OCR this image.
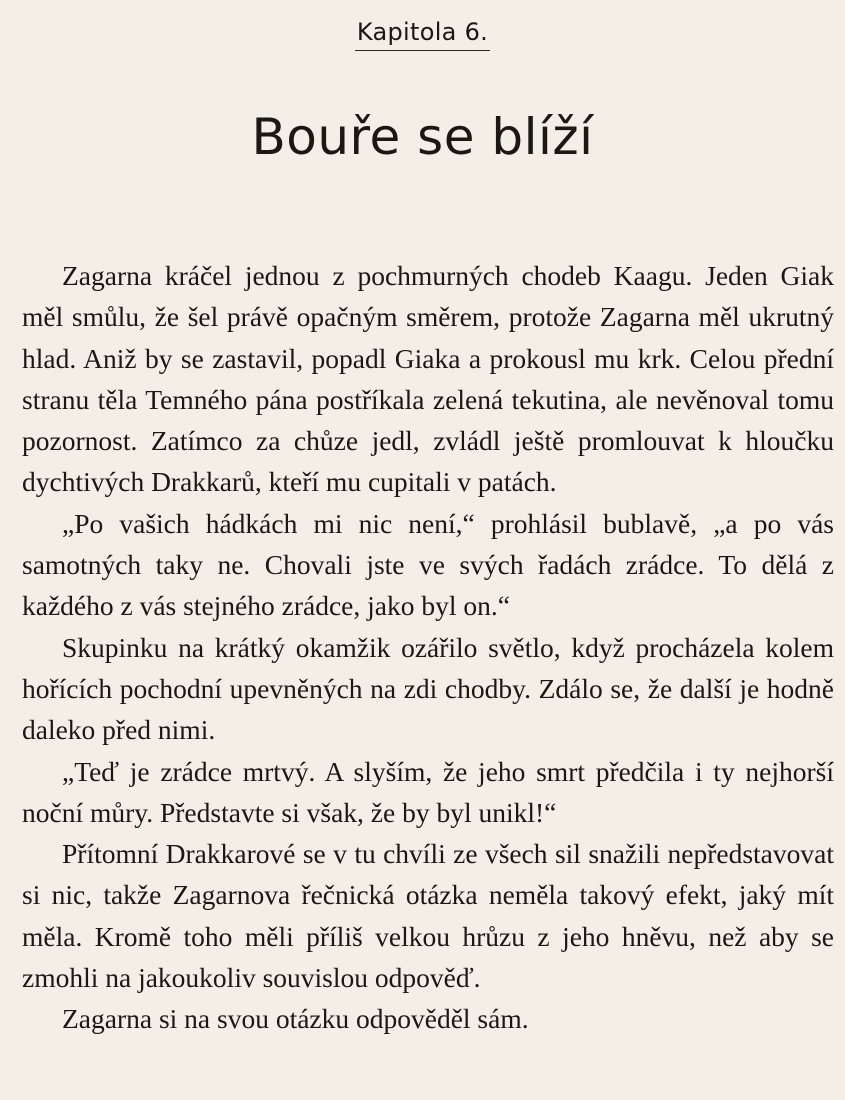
Kapitola 6.
Bouře se blíží

Zagarna kráčel jednou z pochmurných chodeb Kaagu. Jeden Giak měl smůlu, že šel právě opačným směrem, protože Zagarna měl ukrutný hlad. Aniž by se zastavil, popadl Giaka a prokousl mu krk. Celou přední stranu těla Temného pána postříkala zelená tekutina, ale nevěnoval tomu pozornost. Zatímco za chůze jedl, zvládl ještě promlouvat k hloučku dychtivých Drakkarů, kteří mu cupitali v patách.

„Po vašich hádkách mi nic není,“ prohlásil bublavě, „a po vás samotných taky ne. Chovali jste ve svých řadách zrádce. To dělá z každého z vás stejného zrádce, jako byl on.“

Skupinku na krátký okamžik ozářilo světlo, když procházela kolem hořících pochodní upevněných na zdi chodby. Zdálo se, že další je hodně daleko před nimi.

„Teď je zrádce mrtvý. A slyším, že jeho smrt předčila i ty nejhorší noční můry. Představte si však, že by byl unikl!“

Přítomní Drakkarové se v tu chvíli ze všech sil snažili nepředstavovat si nic, takže Zagarnova řečnická otázka neměla takový efekt, jaký mít měla. Kromě toho měli příliš velkou hrůzu z jeho hněvu, než aby se zmohli na jakoukoliv souvislou odpověď.

Zagarna si na svou otázku odpověděl sám.
